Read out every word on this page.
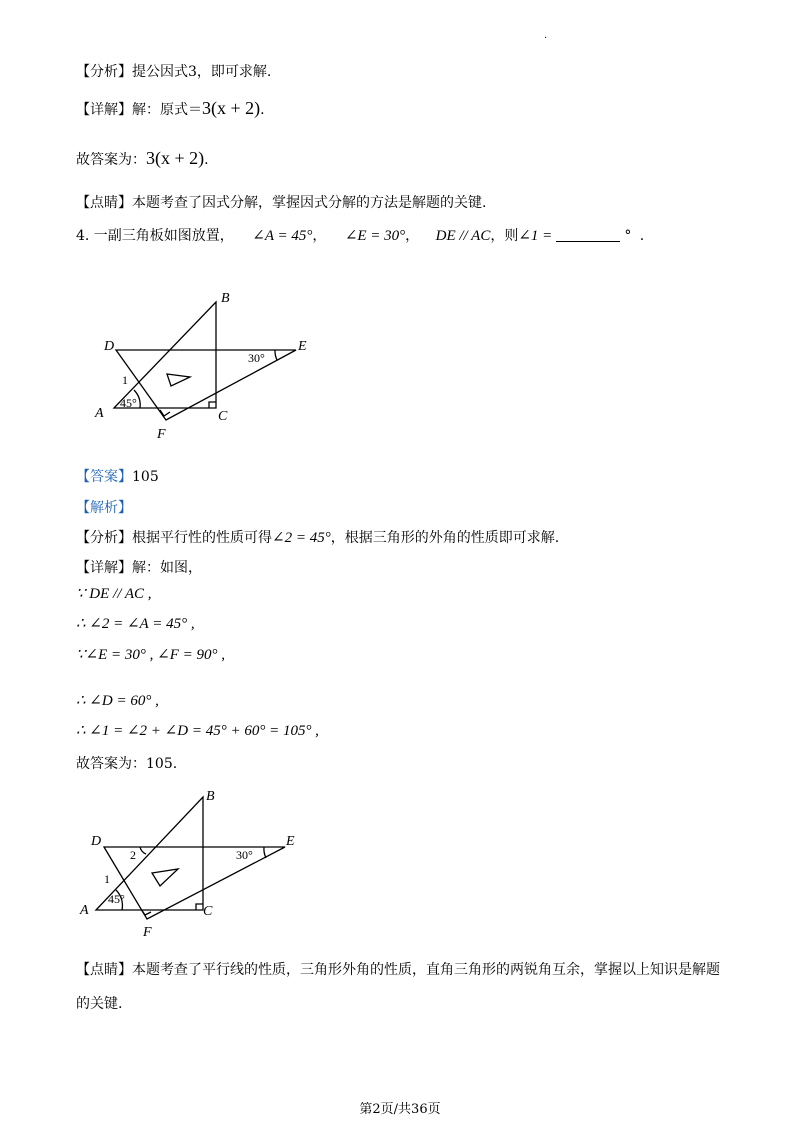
.
【分析】提公因式3，即可求解.
【详解】解：原式＝3(x + 2).
故答案为：3(x + 2).
【点睛】本题考查了因式分解，掌握因式分解的方法是解题的关键.
4. 一副三角板如图放置， ∠A = 45°， ∠E = 30°， DE // AC，则∠1 =	° .
B
D	E
A	C
F
1
45°
30°
【答案】105
【解析】
【分析】根据平行性的性质可得∠2 = 45°，根据三角形的外角的性质即可求解.
【详解】解：如图，
∵ DE // AC ,
∴ ∠2 = ∠A = 45° ,
∵∠E = 30° , ∠F = 90° ,
∴ ∠D = 60° ,
∴ ∠1 = ∠2 + ∠D = 45° + 60° = 105° ,
故答案为：105.
B
D	E
A	C
F
1
2
45°
30°
【点睛】本题考查了平行线的性质，三角形外角的性质，直角三角形的两锐角互余，掌握以上知识是解题
的关键.
第2页/共36页
